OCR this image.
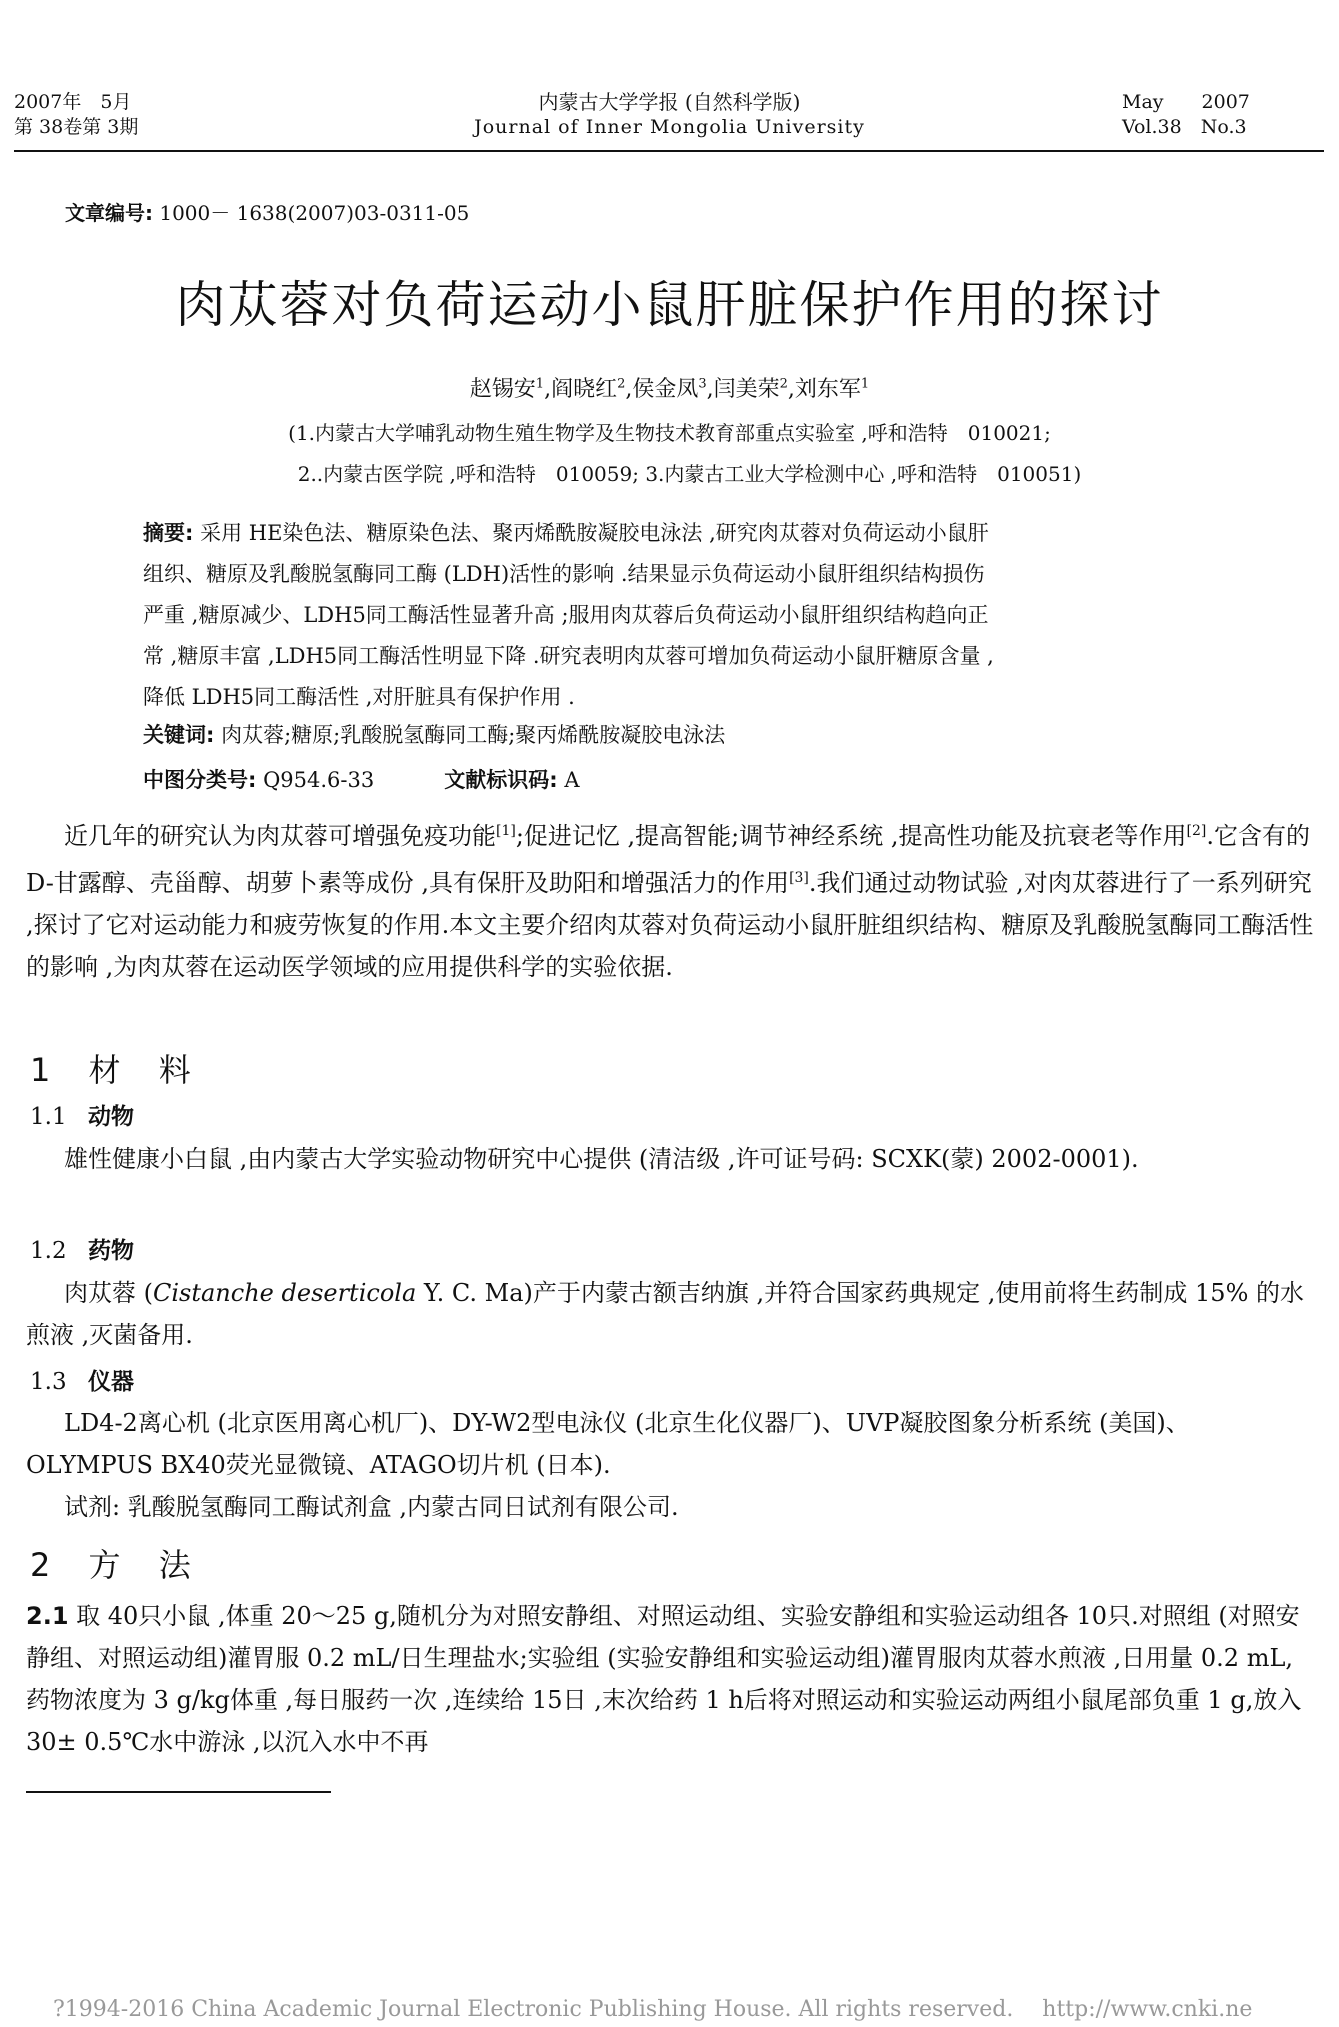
2007年　5月
第 38卷第 3期
内蒙古大学学报 (自然科学版)
Journal of Inner Mongolia University
May　　2007
Vol.38　No.3
文章编号: 1000－ 1638(2007)03-0311-05
肉苁蓉对负荷运动小鼠肝脏保护作用的探讨
赵锡安$^1$,阎晓红$^2$,侯金凤$^3$,闫美荣$^2$,刘东军$^1$
(1.内蒙古大学哺乳动物生殖生物学及生物技术教育部重点实验室 ,呼和浩特　010021;
2..内蒙古医学院 ,呼和浩特　010059; 3.内蒙古工业大学检测中心 ,呼和浩特　010051)
摘要: 采用 HE染色法、糖原染色法、聚丙烯酰胺凝胶电泳法 ,研究肉苁蓉对负荷运动小鼠肝
组织、糖原及乳酸脱氢酶同工酶 (LDH)活性的影响 .结果显示负荷运动小鼠肝组织结构损伤
严重 ,糖原减少、LDH5同工酶活性显著升高 ;服用肉苁蓉后负荷运动小鼠肝组织结构趋向正
常 ,糖原丰富 ,LDH5同工酶活性明显下降 .研究表明肉苁蓉可增加负荷运动小鼠肝糖原含量 ,
降低 LDH5同工酶活性 ,对肝脏具有保护作用 .
关键词: 肉苁蓉;糖原;乳酸脱氢酶同工酶;聚丙烯酰胺凝胶电泳法
中图分类号: Q954.6-33	文献标识码: A

近几年的研究认为肉苁蓉可增强免疫功能[1];促进记忆 ,提高智能;调节神经系统 ,提高性功能及抗衰老等作用[2].它含有的 D-甘露醇、壳甾醇、胡萝卜素等成份 ,具有保肝及助阳和增强活力的作用[3].我们通过动物试验 ,对肉苁蓉进行了一系列研究 ,探讨了它对运动能力和疲劳恢复的作用.本文主要介绍肉苁蓉对负荷运动小鼠肝脏组织结构、糖原及乳酸脱氢酶同工酶活性的影响 ,为肉苁蓉在运动医学领域的应用提供科学的实验依据.

1 材 料
1.1 动物

雄性健康小白鼠 ,由内蒙古大学实验动物研究中心提供 (清洁级 ,许可证号码: SCXK(蒙) 2002-0001).

1.2 药物

肉苁蓉 (Cistanche deserticola Y. C. Ma)产于内蒙古额吉纳旗 ,并符合国家药典规定 ,使用前将生药制成 15% 的水煎液 ,灭菌备用.

1.3 仪器

LD4-2离心机 (北京医用离心机厂)、DY-W2型电泳仪 (北京生化仪器厂)、UVP凝胶图象分析系统 (美国)、OLYMPUS BX40荧光显微镜、ATAGO切片机 (日本).

试剂: 乳酸脱氢酶同工酶试剂盒 ,内蒙古同日试剂有限公司.

2 方 法

2.1 取 40只小鼠 ,体重 20～25 g,随机分为对照安静组、对照运动组、实验安静组和实验运动组各 10只.对照组 (对照安静组、对照运动组)灌胃服 0.2 mL/日生理盐水;实验组 (实验安静组和实验运动组)灌胃服肉苁蓉水煎液 ,日用量 0.2 mL,药物浓度为 3 g/kg体重 ,每日服药一次 ,连续给 15日 ,末次给药 1 h后将对照运动和实验运动两组小鼠尾部负重 1 g,放入 30± 0.5℃水中游泳 ,以沉入水中不再

?1994-2016 China Academic Journal Electronic Publishing House. All rights reserved.　 http://www.cnki.ne
